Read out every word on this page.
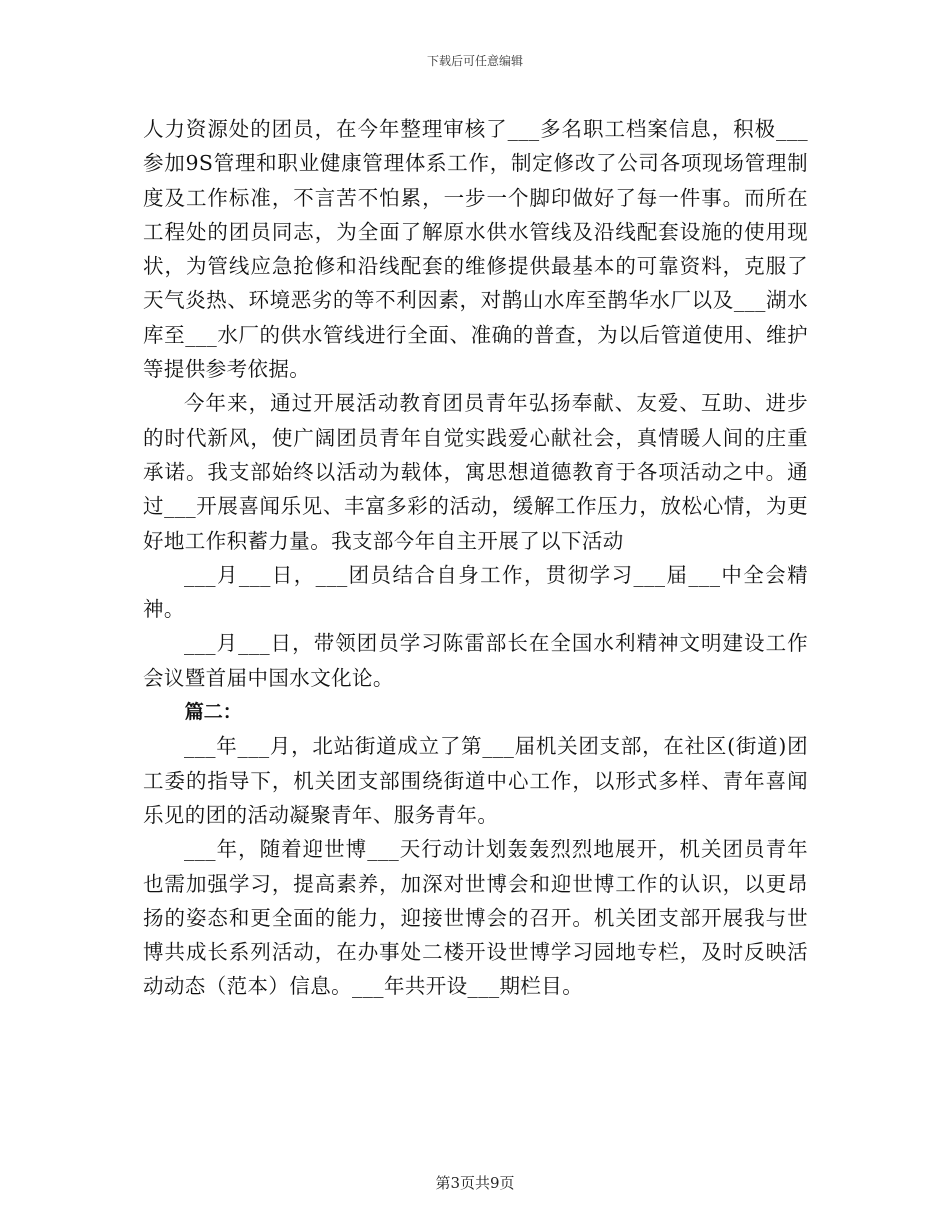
下载后可任意编辑

人力资源处的团员，在今年整理审核了___多名职工档案信息，积极___参加9S管理和职业健康管理体系工作，制定修改了公司各项现场管理制度及工作标准，不言苦不怕累，一步一个脚印做好了每一件事。而所在工程处的团员同志，为全面了解原水供水管线及沿线配套设施的使用现状，为管线应急抢修和沿线配套的维修提供最基本的可靠资料，克服了天气炎热、环境恶劣的等不利因素，对鹊山水库至鹊华水厂以及___湖水库至___水厂的供水管线进行全面、准确的普查，为以后管道使用、维护等提供参考依据。

今年来，通过开展活动教育团员青年弘扬奉献、友爱、互助、进步的时代新风，使广阔团员青年自觉实践爱心献社会，真情暖人间的庄重承诺。我支部始终以活动为载体，寓思想道德教育于各项活动之中。通过___开展喜闻乐见、丰富多彩的活动，缓解工作压力，放松心情，为更好地工作积蓄力量。我支部今年自主开展了以下活动

___月___日，___团员结合自身工作，贯彻学习___届___中全会精神。

___月___日，带领团员学习陈雷部长在全国水利精神文明建设工作会议暨首届中国水文化论。

篇二：

___年___月，北站街道成立了第___届机关团支部，在社区(街道)团工委的指导下，机关团支部围绕街道中心工作，以形式多样、青年喜闻乐见的团的活动凝聚青年、服务青年。

___年，随着迎世博___天行动计划轰轰烈烈地展开，机关团员青年也需加强学习，提高素养，加深对世博会和迎世博工作的认识，以更昂扬的姿态和更全面的能力，迎接世博会的召开。机关团支部开展我与世博共成长系列活动，在办事处二楼开设世博学习园地专栏，及时反映活动动态（范本）信息。___年共开设___期栏目。

第3页共9页
